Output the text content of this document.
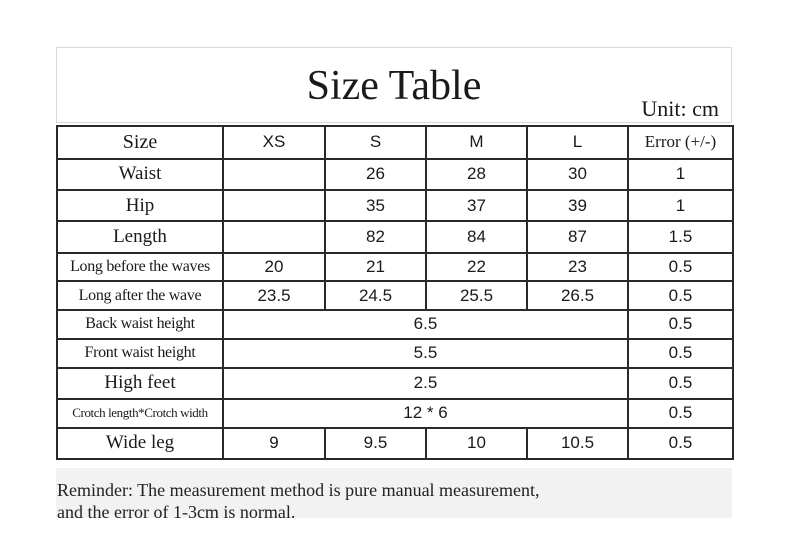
Size Table	Unit: cm
Size	XS	S	M	L	Error (+/-)
Waist		26	28	30	1
Hip		35	37	39	1
Length		82	84	87	1.5
Long before the waves	20	21	22	23	0.5
Long after the wave	23.5	24.5	25.5	26.5	0.5
Back waist height	6.5				0.5
Front waist height	5.5				0.5
High feet	2.5				0.5
Crotch length*Crotch width	12 * 6				0.5
Wide leg	9	9.5	10	10.5	0.5
Reminder: The measurement method is pure manual measurement,
and the error of 1-3cm is normal.
